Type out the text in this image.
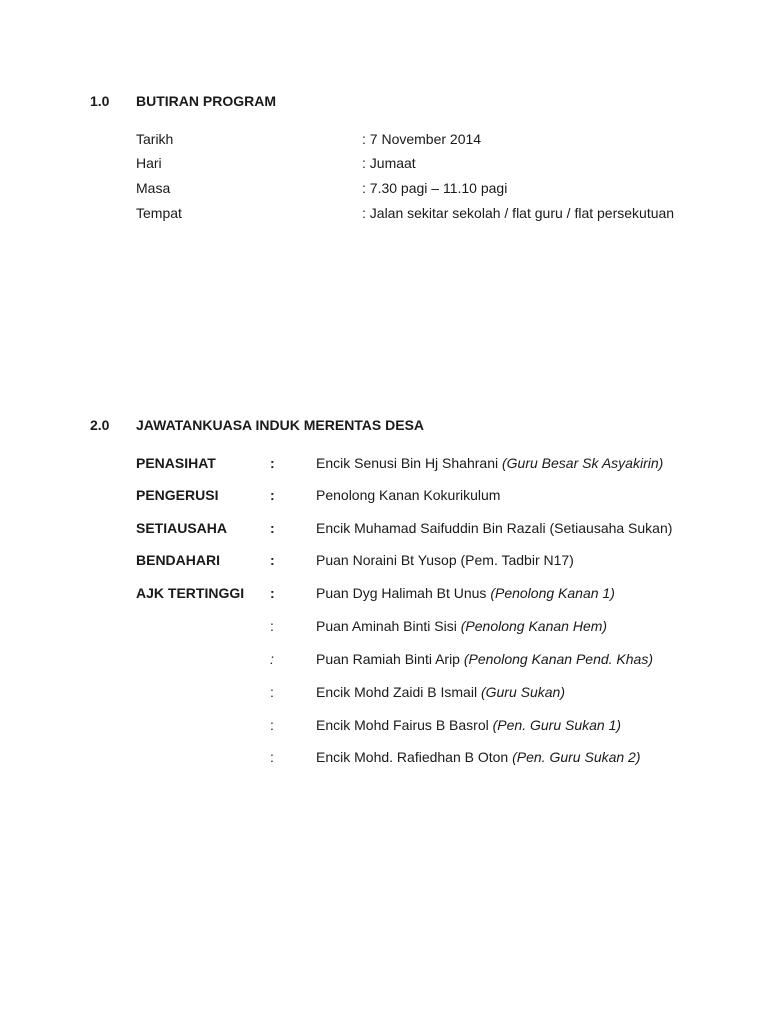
1.0 BUTIRAN PROGRAM
Tarikh	: 7 November 2014
Hari	: Jumaat
Masa	: 7.30 pagi – 11.10 pagi
Tempat	: Jalan sekitar sekolah / flat guru / flat persekutuan
2.0 JAWATANKUASA INDUK MERENTAS DESA
PENASIHAT	:	Encik Senusi Bin Hj Shahrani (Guru Besar Sk Asyakirin)
PENGERUSI	:	Penolong Kanan Kokurikulum
SETIAUSAHA	:	Encik Muhamad Saifuddin Bin Razali (Setiausaha Sukan)
BENDAHARI	:	Puan Noraini Bt Yusop (Pem. Tadbir N17)
AJK TERTINGGI :	Puan Dyg Halimah Bt Unus (Penolong Kanan 1)
:	Puan Aminah Binti Sisi (Penolong Kanan Hem)
:	Puan Ramiah Binti Arip (Penolong Kanan Pend. Khas)
:	Encik Mohd Zaidi B Ismail (Guru Sukan)
:	Encik Mohd Fairus B Basrol (Pen. Guru Sukan 1)
:	Encik Mohd. Rafiedhan B Oton (Pen. Guru Sukan 2)
